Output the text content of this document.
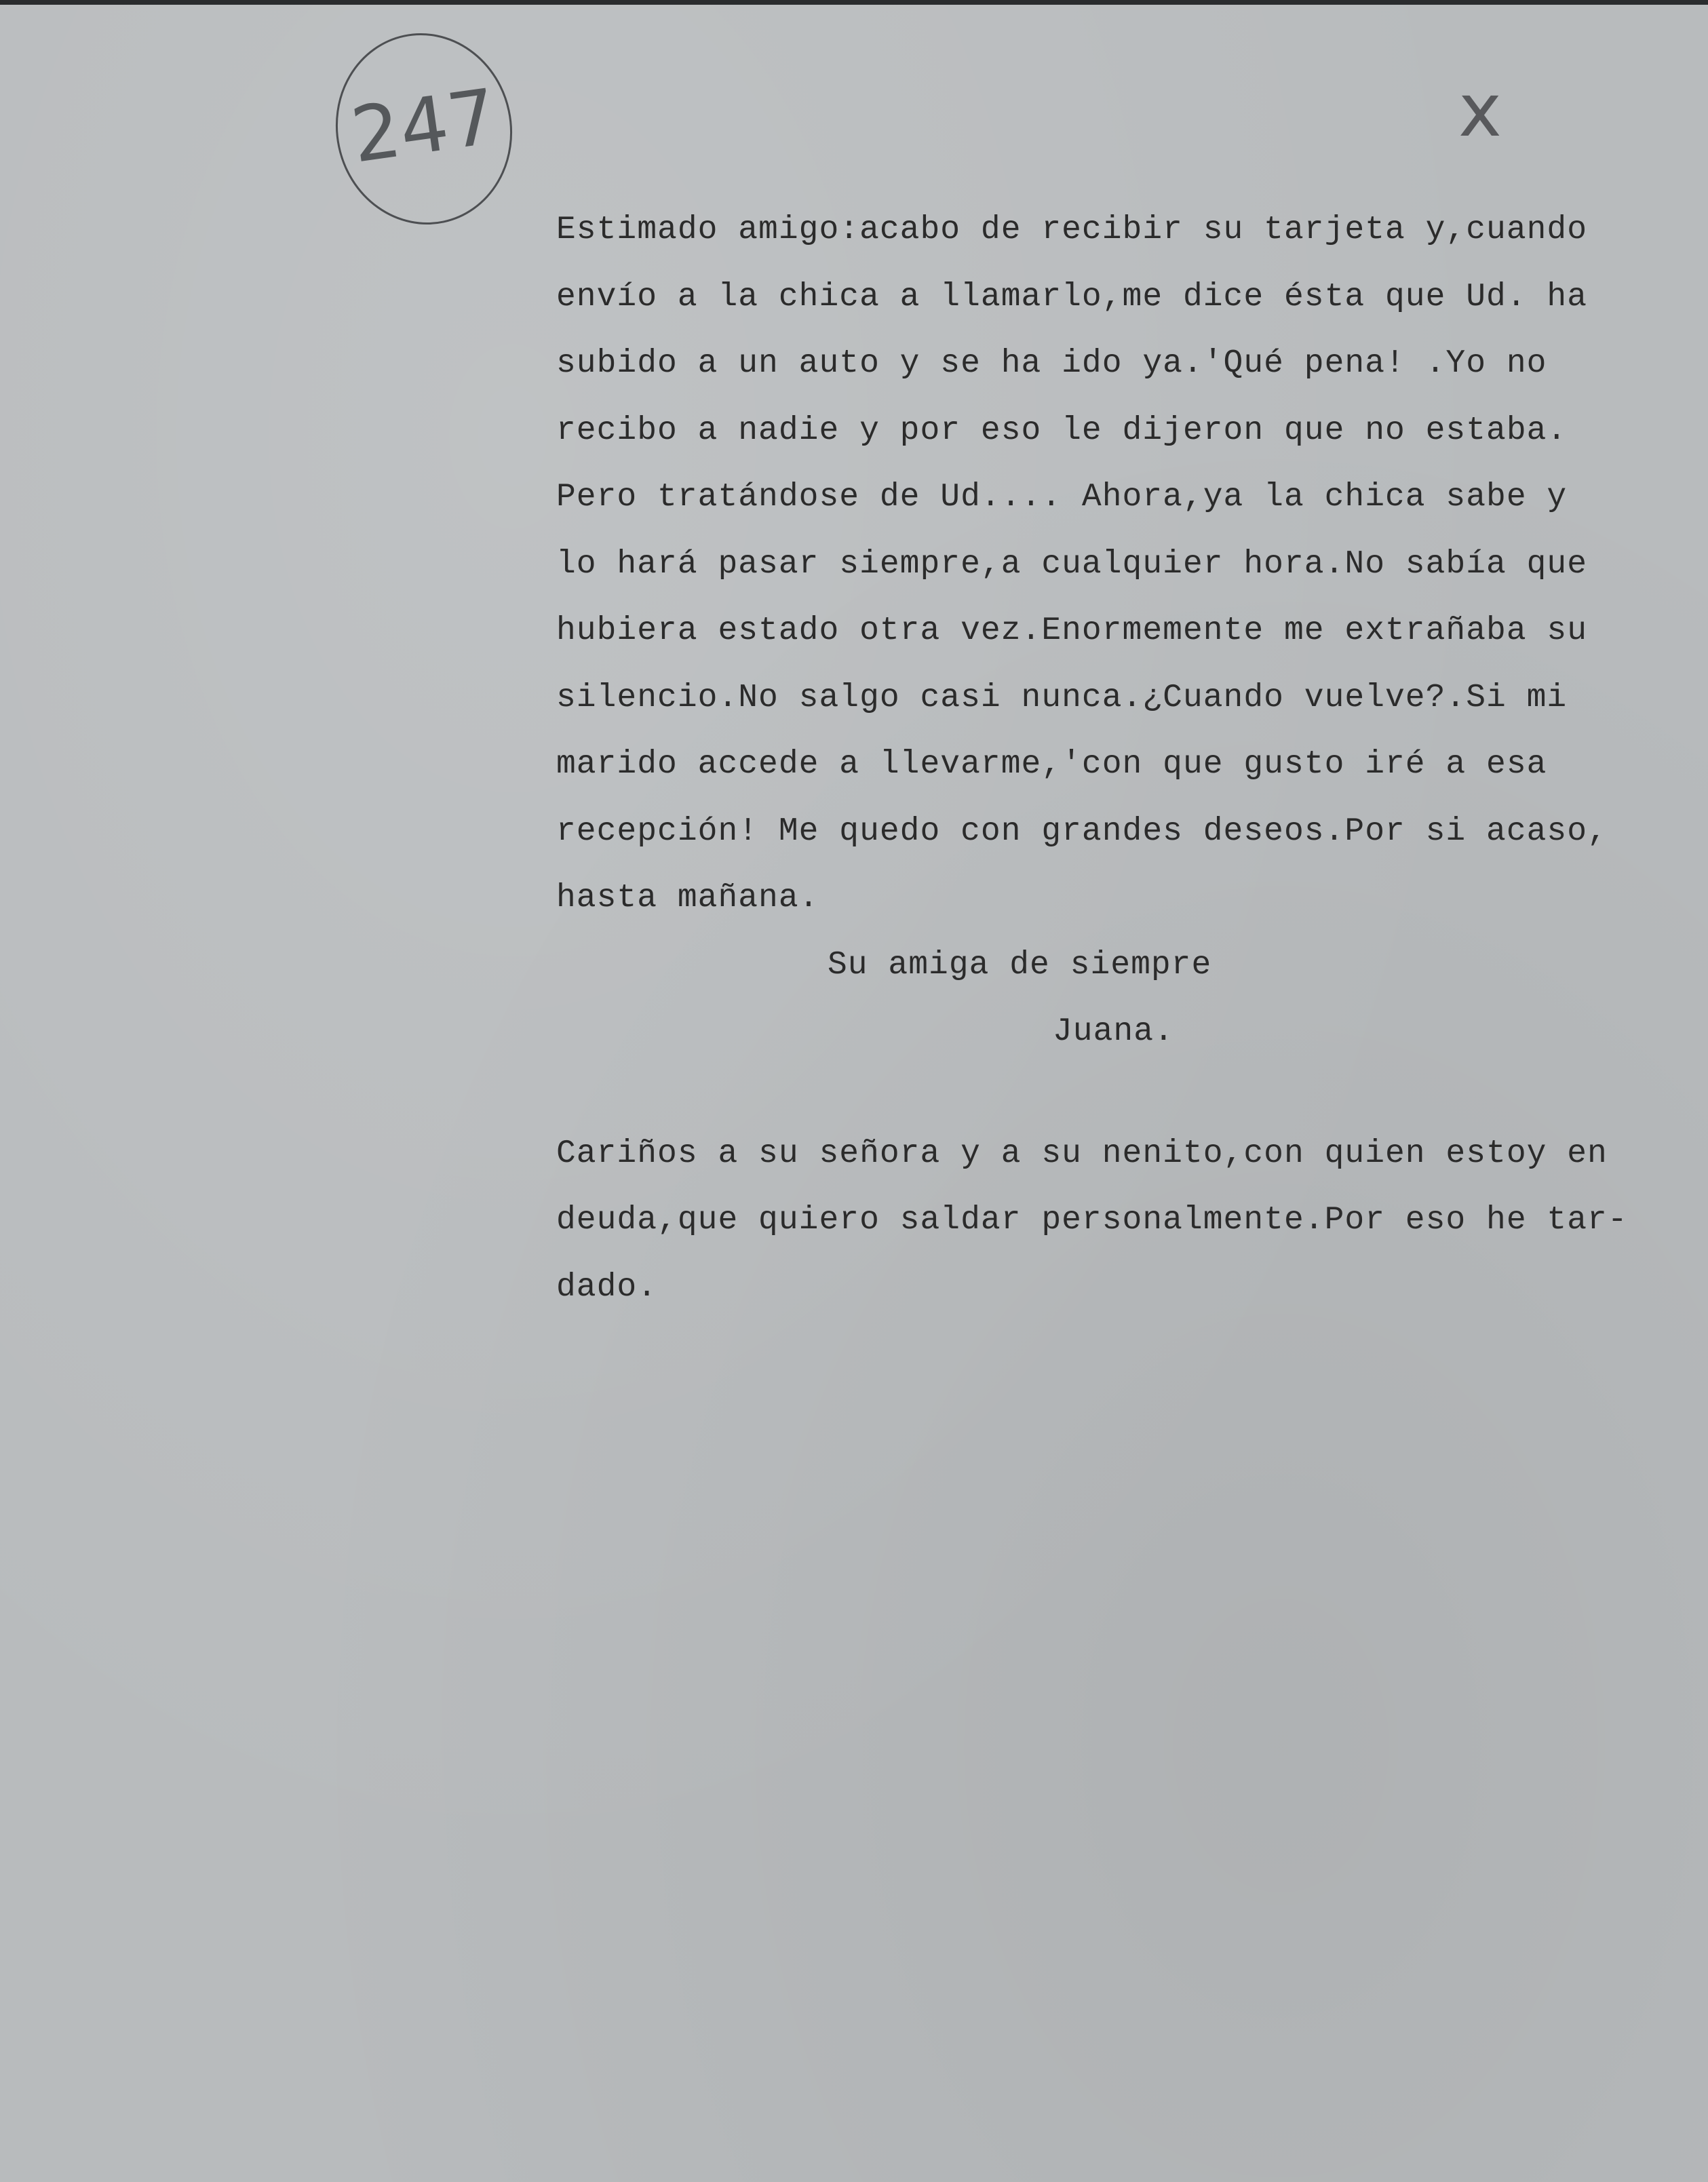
247	x
Estimado amigo:acabo de recibir su tarjeta y,cuando
envío a la chica a llamarlo,me dice ésta que Ud. ha
subido a un auto y se ha ido ya.'Qué pena! .Yo no
recibo a nadie y por eso le dijeron que no estaba.
Pero tratándose de Ud.... Ahora,ya la chica sabe y
lo hará pasar siempre,a cualquier hora.No sabía que
hubiera estado otra vez.Enormemente me extrañaba su
silencio.No salgo casi nunca.¿Cuando vuelve?.Si mi
marido accede a llevarme,'con que gusto iré a esa
recepción! Me quedo con grandes deseos.Por si acaso,
hasta mañana.
Su amiga de siempre
Juana.
Cariños a su señora y a su nenito,con quien estoy en
deuda,que quiero saldar personalmente.Por eso he tar-
dado.
